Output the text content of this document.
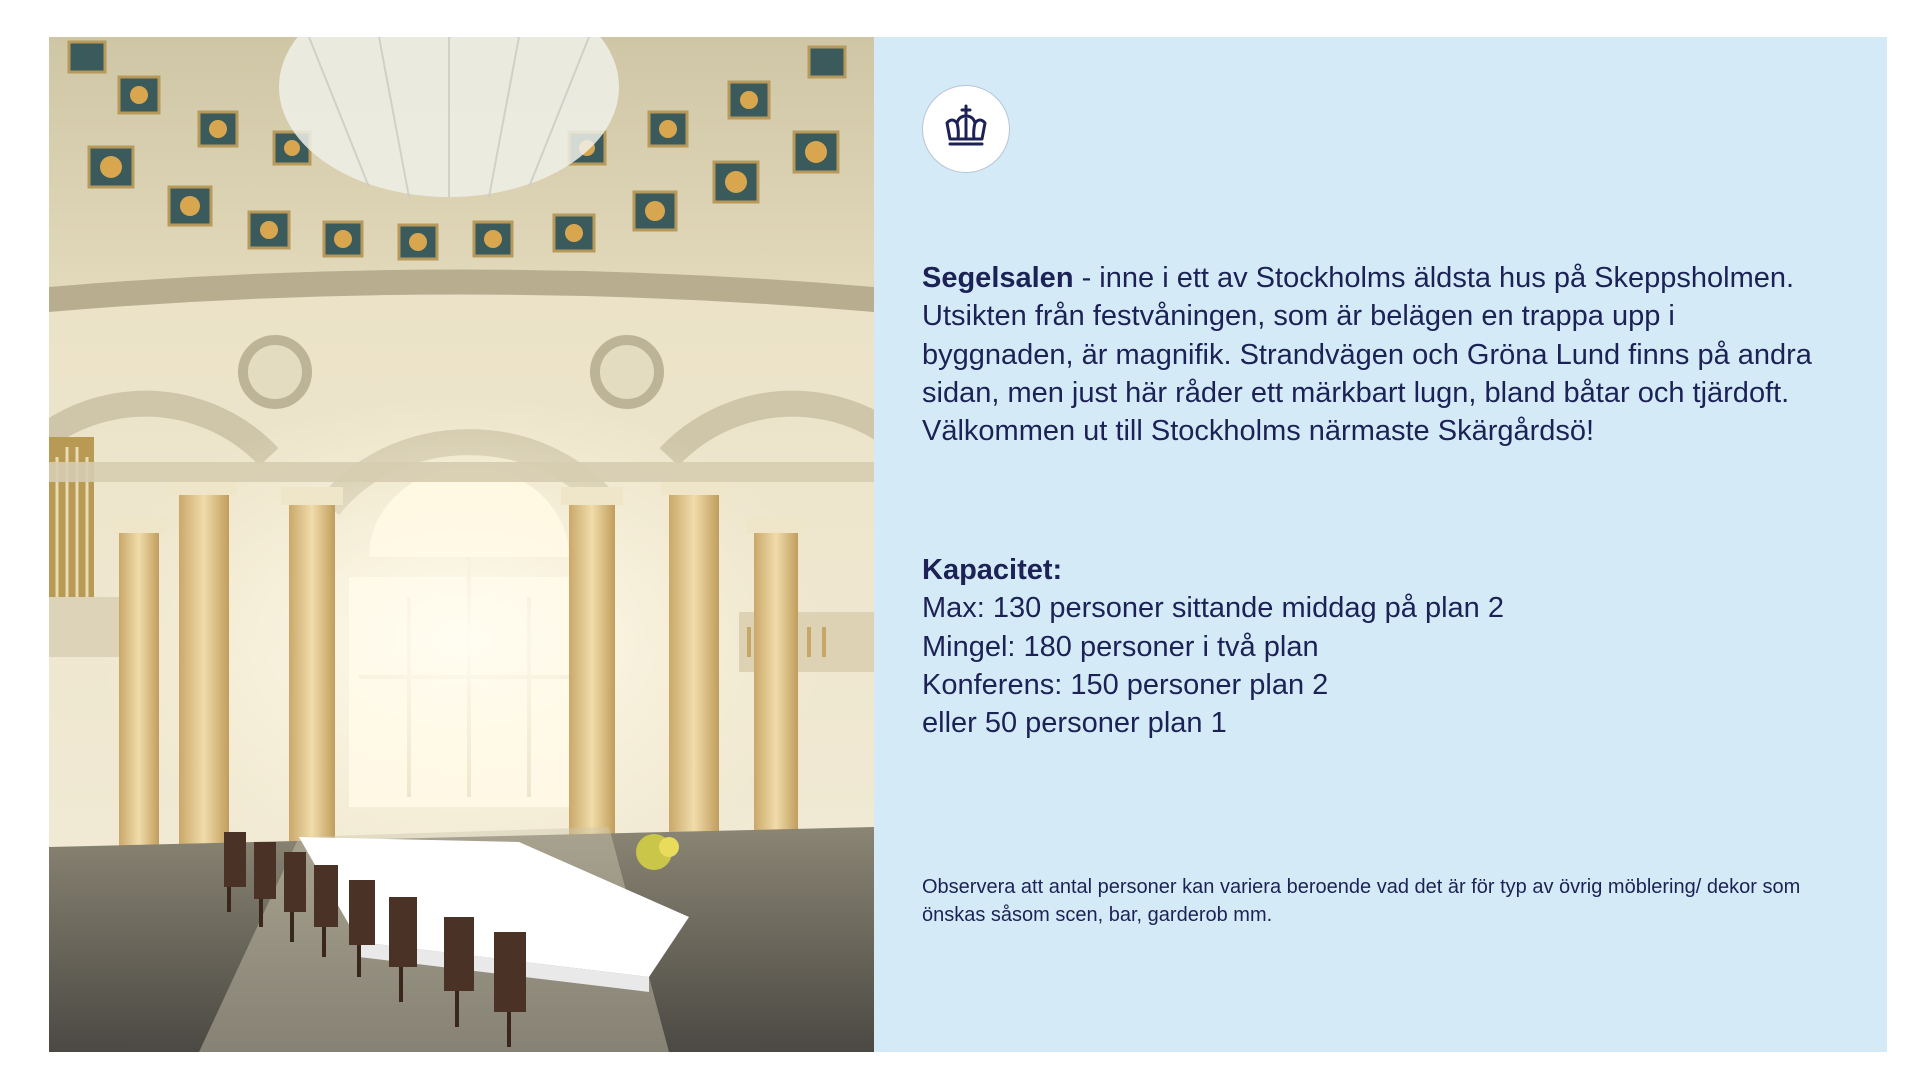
Segelsalen - inne i ett av Stockholms äldsta hus på Skeppsholmen. Utsikten från festvåningen, som är belägen en trappa upp i byggnaden, är magnifik. Strandvägen och Gröna Lund finns på andra sidan, men just här råder ett märkbart lugn, bland båtar och tjärdoft. Välkommen ut till Stockholms närmaste Skärgårdsö!

Kapacitet:
Max: 130 personer sittande middag på plan 2
Mingel: 180 personer i två plan
Konferens: 150 personer plan 2
eller 50 personer plan 1

Observera att antal personer kan variera beroende vad det är för typ av övrig möblering/ dekor som önskas såsom scen, bar, garderob mm.
